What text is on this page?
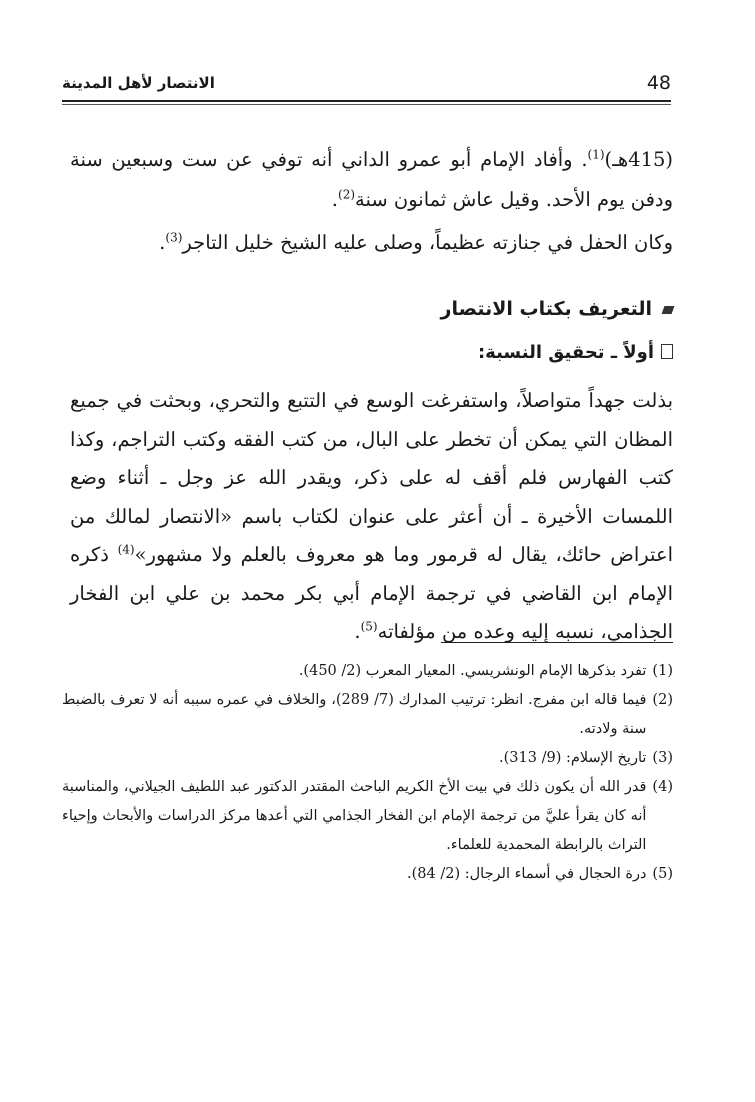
48
الانتصار لأهل المدينة

(415هـ)$^{(1)}$. وأفاد الإمام أبو عمرو الداني أنه توفي عن ست وسبعين سنة ودفن يوم الأحد. وقيل عاش ثمانون سنة$^{(2)}$.

وكان الحفل في جنازته عظيماً، وصلى عليه الشيخ خليل التاجر$^{(3)}$.

التعريف بكتاب الانتصار
أولاً ـ تحقيق النسبة:

بذلت جهداً متواصلاً، واستفرغت الوسع في التتبع والتحري، وبحثت في جميع المظان التي يمكن أن تخطر على البال، من كتب الفقه وكتب التراجم، وكذا كتب الفهارس فلم أقف له على ذكر، ويقدر الله عز وجل ـ أثناء وضع اللمسات الأخيرة ـ أن أعثر على عنوان لكتاب باسم «الانتصار لمالك من اعتراض حائك، يقال له قرمور وما هو معروف بالعلم ولا مشهور»$^{(4)}$ ذكره الإمام ابن القاضي في ترجمة الإمام أبي بكر محمد بن علي ابن الفخار الجذامي، نسبه إليه وعده من مؤلفاته$^{(5)}$.

(1)
تفرد بذكرها الإمام الونشريسي. المعيار المعرب (2/ 450).
(2)
فيما قاله ابن مفرج. انظر: ترتيب المدارك (7/ 289)، والخلاف في عمره سببه أنه لا تعرف بالضبط سنة ولادته.
(3)
تاريخ الإسلام: (9/ 313).
(4)
قدر الله أن يكون ذلك في بيت الأخ الكريم الباحث المقتدر الدكتور عبد اللطيف الجيلاني، والمناسبة أنه كان يقرأ عليَّ من ترجمة الإمام ابن الفخار الجذامي التي أعدها مركز الدراسات والأبحاث وإحياء التراث بالرابطة المحمدية للعلماء.
(5)
درة الحجال في أسماء الرجال: (2/ 84).
